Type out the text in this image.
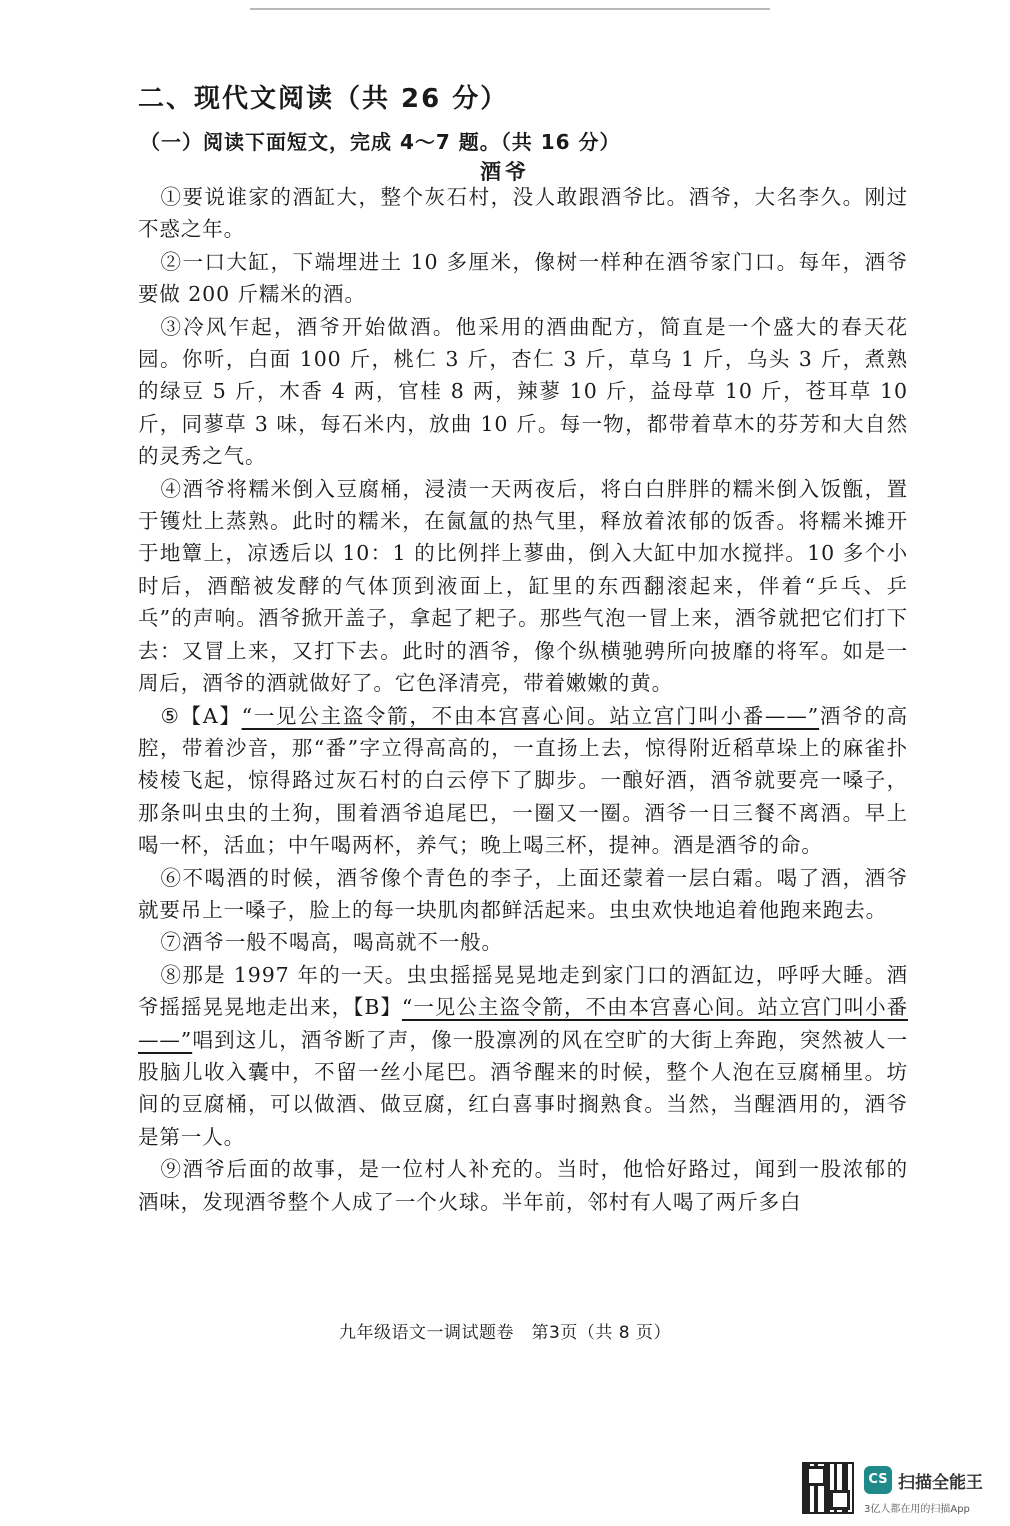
二、现代文阅读（共 26 分）
（一）阅读下面短文，完成 4～7 题。（共 16 分）
酒爷

①要说谁家的酒缸大，整个灰石村，没人敢跟酒爷比。酒爷，大名李久。刚过不惑之年。

②一口大缸，下端埋进土 10 多厘米，像树一样种在酒爷家门口。每年，酒爷要做 200 斤糯米的酒。

③冷风乍起，酒爷开始做酒。他采用的酒曲配方，简直是一个盛大的春天花园。你听，白面 100 斤，桃仁 3 斤，杏仁 3 斤，草乌 1 斤，乌头 3 斤，煮熟的绿豆 5 斤，木香 4 两，官桂 8 两，辣蓼 10 斤，益母草 10 斤，苍耳草 10 斤，同蓼草 3 味，每石米内，放曲 10 斤。每一物，都带着草木的芬芳和大自然的灵秀之气。

④酒爷将糯米倒入豆腐桶，浸渍一天两夜后，将白白胖胖的糯米倒入饭甑，置于镬灶上蒸熟。此时的糯米，在氤氲的热气里，释放着浓郁的饭香。将糯米摊开于地簟上，凉透后以 10：1 的比例拌上蓼曲，倒入大缸中加水搅拌。10 多个小时后，酒醅被发酵的气体顶到液面上，缸里的东西翻滚起来，伴着“乒乓、乒乓”的声响。酒爷掀开盖子，拿起了耙子。那些气泡一冒上来，酒爷就把它们打下去：又冒上来，又打下去。此时的酒爷，像个纵横驰骋所向披靡的将军。如是一周后，酒爷的酒就做好了。它色泽清亮，带着嫩嫩的黄。

⑤【A】“一见公主盗令箭，不由本宫喜心间。站立宫门叫小番——”酒爷的高腔，带着沙音，那“番”字立得高高的，一直扬上去，惊得附近稻草垛上的麻雀扑棱棱飞起，惊得路过灰石村的白云停下了脚步。一酿好酒，酒爷就要亮一嗓子，那条叫虫虫的土狗，围着酒爷追尾巴，一圈又一圈。酒爷一日三餐不离酒。早上喝一杯，活血；中午喝两杯，养气；晚上喝三杯，提神。酒是酒爷的命。

⑥不喝酒的时候，酒爷像个青色的李子，上面还蒙着一层白霜。喝了酒，酒爷就要吊上一嗓子，脸上的每一块肌肉都鲜活起来。虫虫欢快地追着他跑来跑去。

⑦酒爷一般不喝高，喝高就不一般。

⑧那是 1997 年的一天。虫虫摇摇晃晃地走到家门口的酒缸边，呼呼大睡。酒爷摇摇晃晃地走出来，【B】“一见公主盗令箭，不由本宫喜心间。站立宫门叫小番——”唱到这儿，酒爷断了声，像一股凛冽的风在空旷的大街上奔跑，突然被人一股脑儿收入囊中，不留一丝小尾巴。酒爷醒来的时候，整个人泡在豆腐桶里。坊间的豆腐桶，可以做酒、做豆腐，红白喜事时搁熟食。当然，当醒酒用的，酒爷是第一人。

⑨酒爷后面的故事，是一位村人补充的。当时，他恰好路过，闻到一股浓郁的酒味，发现酒爷整个人成了一个火球。半年前，邻村有人喝了两斤多白

九年级语文一调试题卷　第3页（共 8 页）
CS 扫描全能王
3亿人都在用的扫描App
